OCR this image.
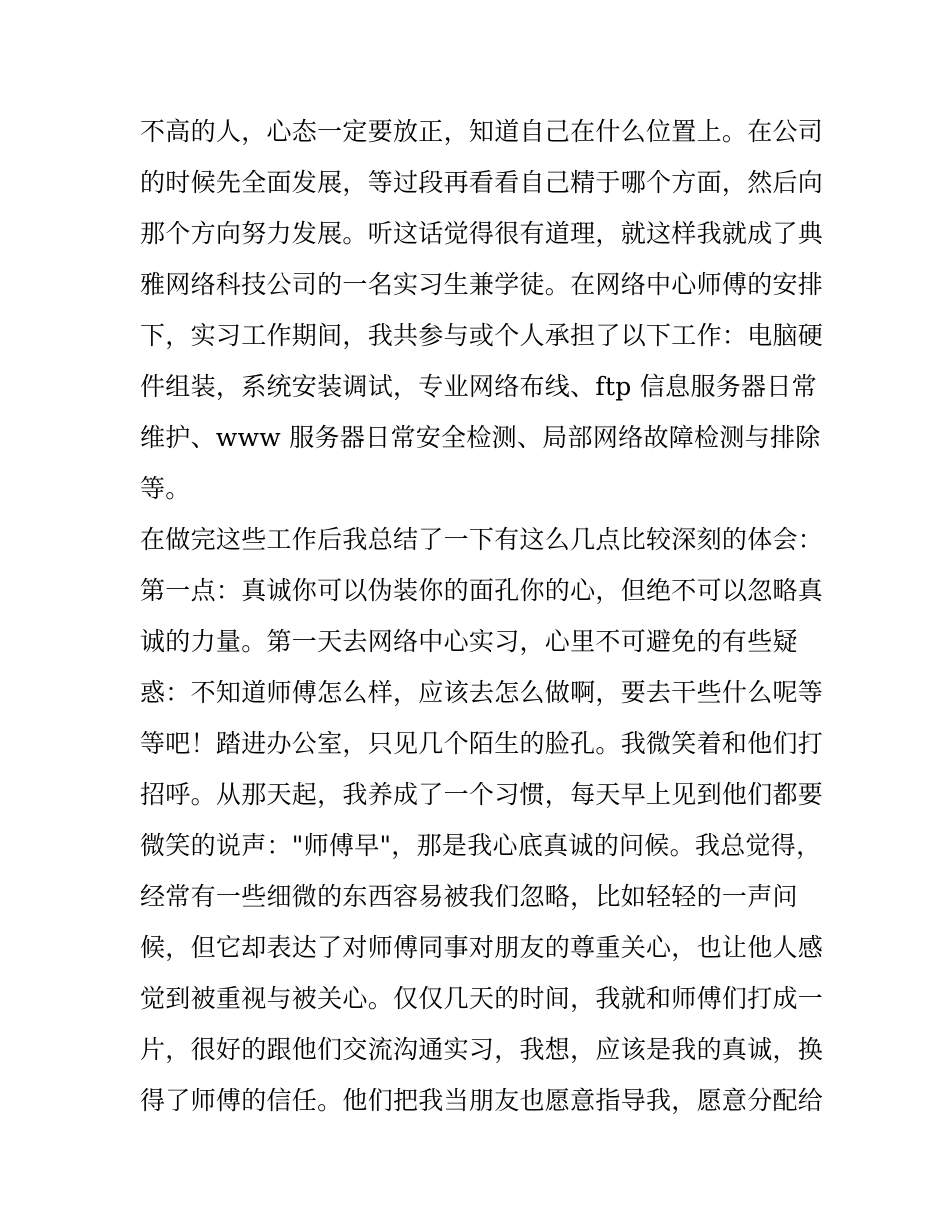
不高的人，心态一定要放正，知道自己在什么位置上。在公司
的时候先全面发展，等过段再看看自己精于哪个方面，然后向
那个方向努力发展。听这话觉得很有道理，就这样我就成了典
雅网络科技公司的一名实习生兼学徒。在网络中心师傅的安排
下，实习工作期间，我共参与或个人承担了以下工作：电脑硬
件组装，系统安装调试，专业网络布线、ftp 信息服务器日常
维护、www 服务器日常安全检测、局部网络故障检测与排除
等。
在做完这些工作后我总结了一下有这么几点比较深刻的体会：
第一点：真诚你可以伪装你的面孔你的心，但绝不可以忽略真
诚的力量。第一天去网络中心实习，心里不可避免的有些疑
惑：不知道师傅怎么样，应该去怎么做啊，要去干些什么呢等
等吧！踏进办公室，只见几个陌生的脸孔。我微笑着和他们打
招呼。从那天起，我养成了一个习惯，每天早上见到他们都要
微笑的说声："师傅早"，那是我心底真诚的问候。我总觉得，
经常有一些细微的东西容易被我们忽略，比如轻轻的一声问
候，但它却表达了对师傅同事对朋友的尊重关心，也让他人感
觉到被重视与被关心。仅仅几天的时间，我就和师傅们打成一
片，很好的跟他们交流沟通实习，我想，应该是我的真诚，换
得了师傅的信任。他们把我当朋友也愿意指导我，愿意分配给
